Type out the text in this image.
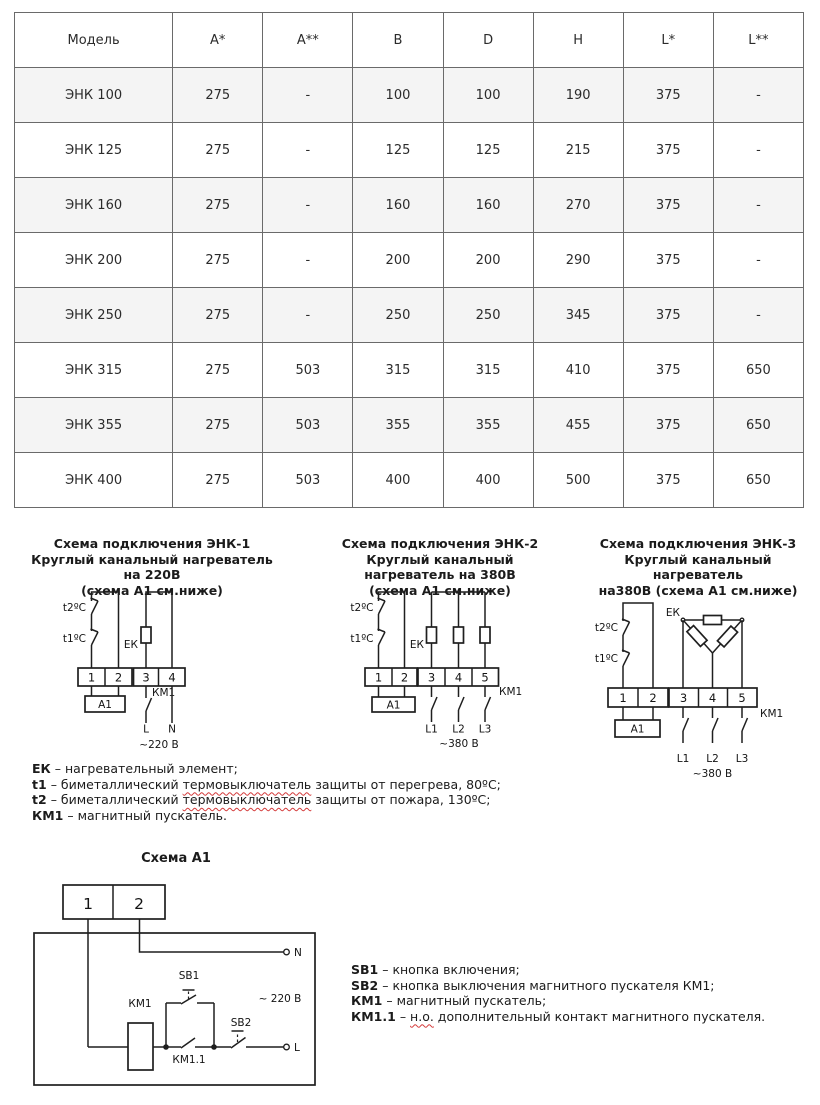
Модель	A*	A**	B	D	H	L*	L**
ЭНК 100	275	-	100	100	190	375	-
ЭНК 125	275	-	125	125	215	375	-
ЭНК 160	275	-	160	160	270	375	-
ЭНК 200	275	-	200	200	290	375	-
ЭНК 250	275	-	250	250	345	375	-
ЭНК 315	275	503	315	315	410	375	650
ЭНК 355	275	503	355	355	455	375	650
ЭНК 400	275	503	400	400	500	375	650
Схема подключения ЭНК-1
Круглый канальный нагреватель на 220В
(схема А1 см.ниже)
Схема подключения ЭНК-2
Круглый канальный нагреватель на 380В
(схема А1 см.ниже)
Схема подключения ЭНК-3
Круглый канальный нагреватель
на380В (схема А1 см.ниже)
t2ºC
t1ºC	ЕК
1 2 3 4
А1
КМ1
L N
~220 В
t2ºC
t1ºC	ЕК
1 2 3 4 5
А1
КМ1
L1 L2 L3
~380 В
t2ºC
t1ºC
ЕК
1 2 3 4 5
А1
КМ1
L1 L2 L3
~380 В
ЕК – нагревательный элемент;
t1 – биметаллический термовыключатель защиты от перегрева, 80ºС;
t2 – биметаллический термовыключатель защиты от пожара, 130ºС;
КМ1 – магнитный пускатель.
Схема А1
1	2
N
L
КМ1
КМ1.1
SB1
SB2
~ 220 В
SB1 – кнопка включения;
SB2 – кнопка выключения магнитного пускателя КМ1;
КМ1 – магнитный пускатель;
КМ1.1 – н.о. дополнительный контакт магнитного пускателя.
